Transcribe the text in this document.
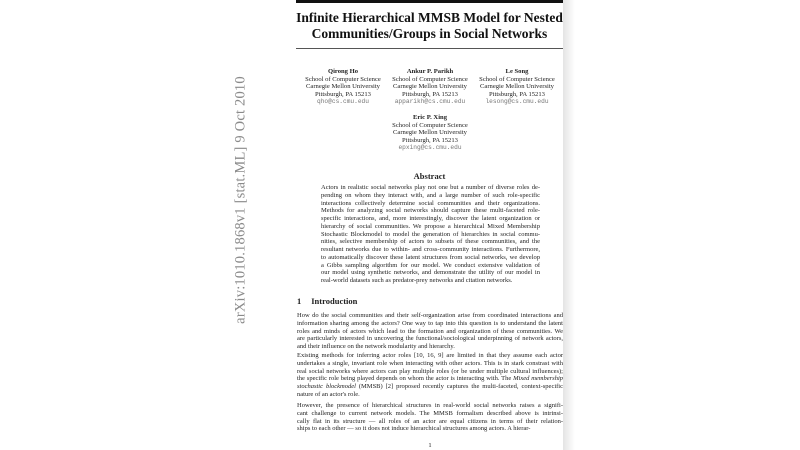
arXiv:1010.1868v1 [stat.ML] 9 Oct 2010
Infinite Hierarchical MMSB Model for Nested
Communities/Groups in Social Networks
Qirong Ho
School of Computer Science
Carnegie Mellon University
Pittsburgh, PA 15213
qho@cs.cmu.edu
Ankur P. Parikh
School of Computer Science
Carnegie Mellon University
Pittsburgh, PA 15213
apparikh@cs.cmu.edu
Le Song
School of Computer Science
Carnegie Mellon University
Pittsburgh, PA 15213
lesong@cs.cmu.edu
Eric P. Xing
School of Computer Science
Carnegie Mellon University
Pittsburgh, PA 15213
epxing@cs.cmu.edu
Abstract
Actors in realistic social networks play not one but a number of diverse roles de-
pending on whom they interact with, and a large number of such role-specific
interactions collectively determine social communities and their organizations.
Methods for analyzing social networks should capture these multi-faceted role-
specific interactions, and, more interestingly, discover the latent organization or
hierarchy of social communities. We propose a hierarchical Mixed Membership
Stochastic Blockmodel to model the generation of hierarchies in social commu-
nities, selective membership of actors to subsets of these communities, and the
resultant networks due to within- and cross-community interactions. Furthermore,
to automatically discover these latent structures from social networks, we develop
a Gibbs sampling algorithm for our model. We conduct extensive validation of
our model using synthetic networks, and demonstrate the utility of our model in
real-world datasets such as predator-prey networks and citation networks.
1 Introduction
How do the social communities and their self-organization arise from coordinated interactions and
information sharing among the actors? One way to tap into this question is to understand the latent
roles and minds of actors which lead to the formation and organization of these communities. We
are particularly interested in uncovering the functional/sociological underpinning of network actors,
and their influence on the network modularity and hierarchy.
Existing methods for inferring actor roles [10, 16, 9] are limited in that they assume each actor
undertakes a single, invariant role when interacting with other actors. This is in stark constrast with
real social networks where actors can play multiple roles (or be under multiple cultural influences);
the specific role being played depends on whom the actor is interacting with. The Mixed membership
stochastic blockmodel (MMSB) [2] proposed recently captures the multi-faceted, context-specific
nature of an actor's role.
However, the presence of hierarchical structures in real-world social networks raises a signifi-
cant challenge to current network models. The MMSB formalism described above is intrinsi-
cally flat in its structure — all roles of an actor are equal citizens in terms of their relation-
ships to each other — so it does not induce hierarchical structures among actors. A hierar-
1
